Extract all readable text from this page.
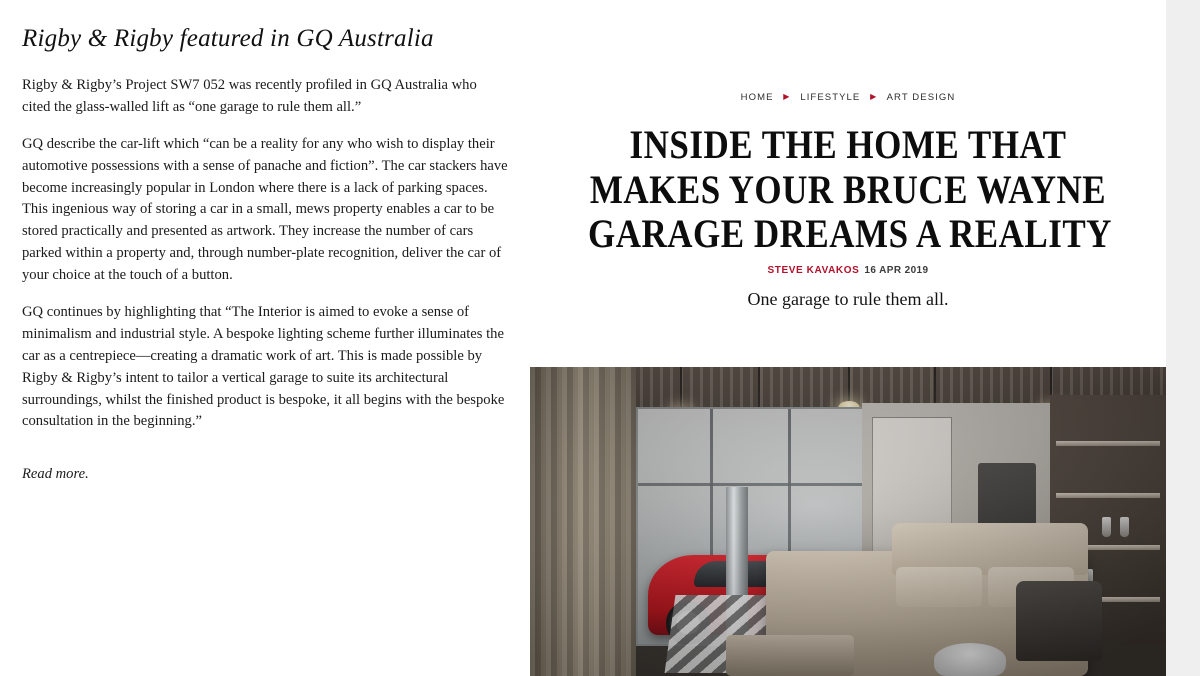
Rigby & Rigby featured in GQ Australia

Rigby & Rigby’s Project SW7 052 was recently profiled in GQ Australia who cited the glass-walled lift as “one garage to rule them all.”

GQ describe the car-lift which “can be a reality for any who wish to display their automotive possessions with a sense of panache and fiction”. The car stackers have become increasingly popular in London where there is a lack of parking spaces. This ingenious way of storing a car in a small, mews property enables a car to be stored practically and presented as artwork. They increase the number of cars parked within a property and, through number-plate recognition, deliver the car of your choice at the touch of a button.

GQ continues by highlighting that “The Interior is aimed to evoke a sense of minimalism and industrial style. A bespoke lighting scheme further illuminates the car as a centrepiece—creating a dramatic work of art. This is made possible by Rigby & Rigby’s intent to tailor a vertical garage to suite its architectural surroundings, whilst the finished product is bespoke, it all begins with the bespoke consultation in the beginning.”

Read more.
HOME ▶ LIFESTYLE ▶ ART DESIGN
INSIDE THE HOME THAT
MAKES YOUR BRUCE WAYNE
GARAGE DREAMS A REALITY
STEVE KAVAKOS 16 APR 2019

One garage to rule them all.
